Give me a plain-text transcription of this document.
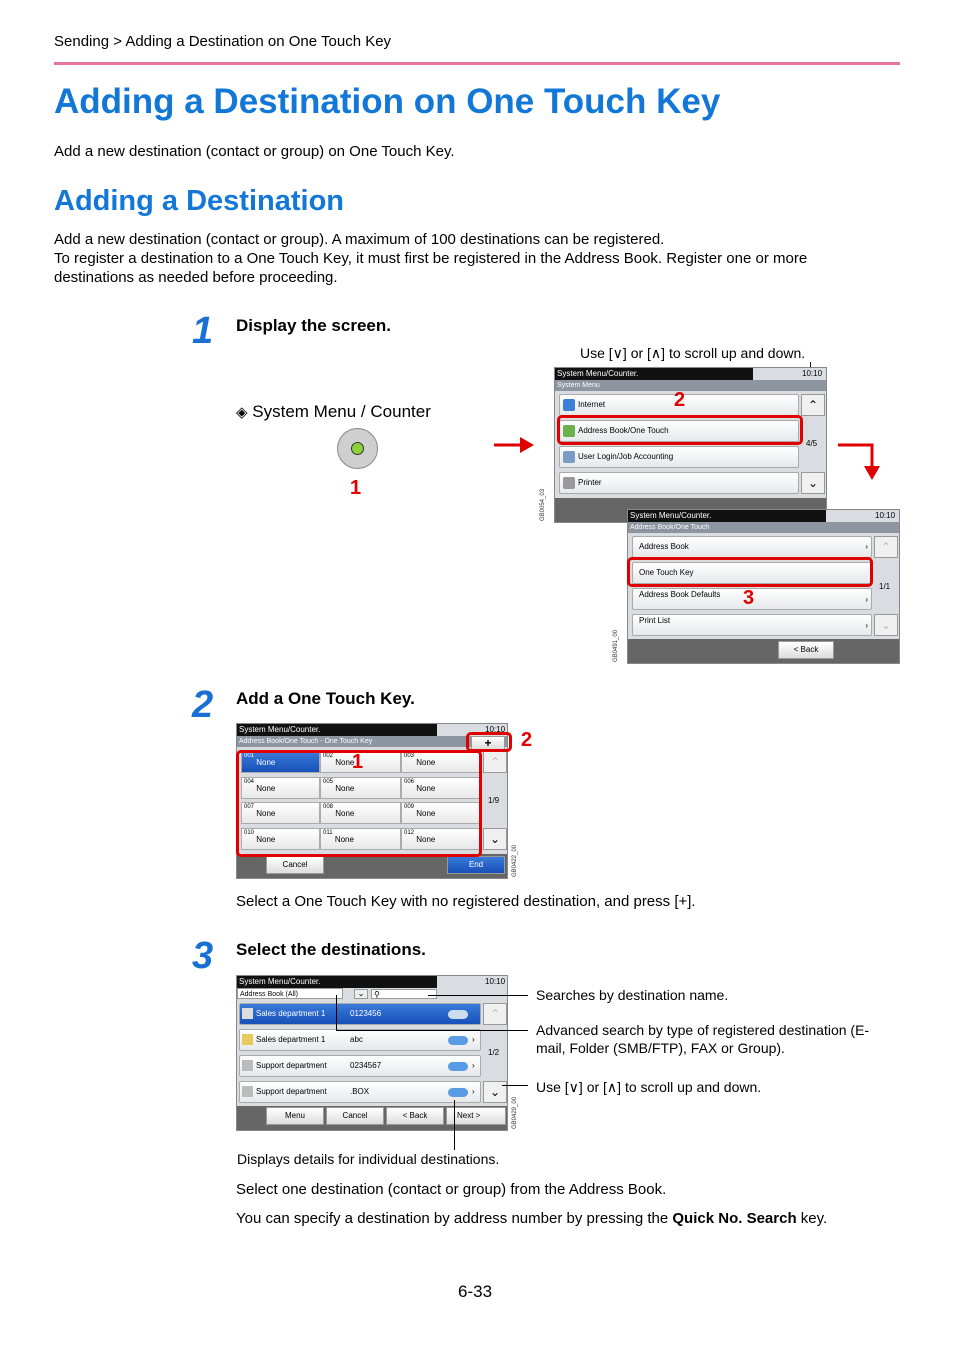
Sending > Adding a Destination on One Touch Key
Adding a Destination on One Touch Key
Add a new destination (contact or group) on One Touch Key.
Adding a Destination
Add a new destination (contact or group). A maximum of 100 destinations can be registered.
To register a destination to a One Touch Key, it must first be registered in the Address Book. Register one or more destinations as needed before proceeding.
1 Display the screen.
◈ System Menu / Counter
1
Use [∨] or [∧] to scroll up and down.
System Menu/Counter.	10:10
System Menu
Internet
Address Book/One Touch
User Login/Job Accounting
Printer
⌃
4/5
⌄
2
GB0054_03	System Menu/Counter.	10:10
Address Book/One Touch
Address Book	›
One Touch Key
Address Book Defaults
›
Print List
›
⌃
1/1
⌄
< Back
3
GB0491_00
2 Add a One Touch Key.
System Menu/Counter.	10:10
Address Book/One Touch - One Touch Key	+
$^{001}$ None
$^{002}$ None
$^{003}$ None
$^{004}$ None
$^{005}$ None
$^{006}$ None
$^{007}$ None
$^{008}$ None
$^{009}$ None
$^{010}$ None
$^{011}$ None
$^{012}$ None
⌃
1/9
⌄
Cancel	End
1
2
GB0422_00
Select a One Touch Key with no registered destination, and press [+].
3 Select the destinations.
System Menu/Counter.	10:10
Address Book (All)	⌄	⚲
Sales department 1	0123456
Sales department 1	abc	›
Support department	0234567	›
Support department	.BOX	›
⌃
1/2
⌄
Menu	Cancel	< Back	Next >	GB0429_00
Searches by destination name.
Advanced search by type of registered destination (E-mail, Folder (SMB/FTP), FAX or Group).
Use [∨] or [∧] to scroll up and down.
Displays details for individual destinations.
Select one destination (contact or group) from the Address Book.
You can specify a destination by address number by pressing the Quick No. Search key.
6-33
